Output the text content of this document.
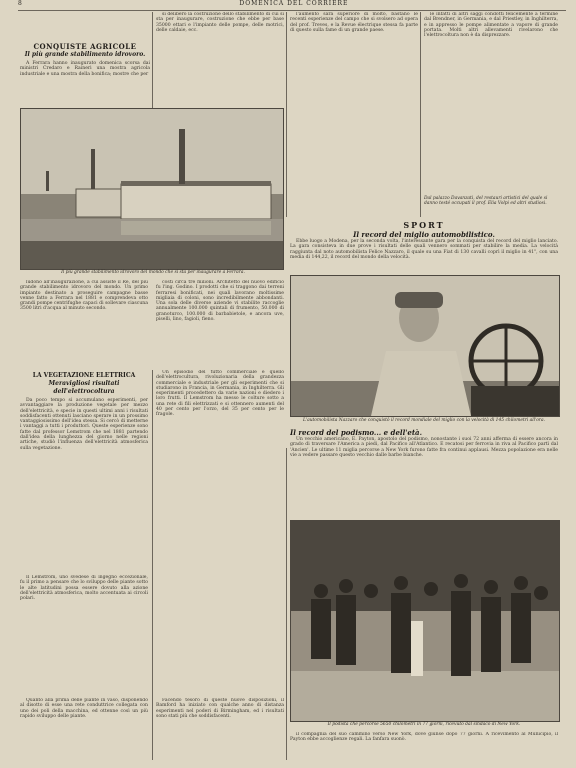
8	DOMENICA DEL CORRIERE
CONQUISTE AGRICOLE
Il più grande stabilimento idrovoro.

A Ferrara hanno inaugurato domenica scorsa dai ministri Credaro e Raineri una mostra agricola industriale e una mostra della bonifica; mostre che per

si deliberò la costruzione dello stabilimento di cui si sta per inaugurare, costruzione che ebbe per base 35000 ettari e l'impianto delle pompe, delle motrici, delle caldaie, ecc.

l'aumento sara superiore di molto, bastano le recenti esperienze del campo che si svolsero ad opera del prof. Treves, e la Revue électrique stessa fa parte di questo sulla fame di un grande paese.

le infatti di altri saggi condotti felicemente a termine dal Brendner, in Germania, e dal Priestley, in Inghilterra, e in appresso le pompe alimentate a vapore di grande portata. Molti altri allevamenti rivelarono che l'elettrocoltura non è da disprezzare.

Il più grande stabilimento idrovoro del mondo che si sta per inaugurare a Ferrara.
Dal palazzo Davanzati, del restauri artistici del quale si danno testé occupati il prof. Elia Volpi ed altri studiosi.
SPORT
Il record del miglio automobilistico.

Ebbe luogo a Modena, per la seconda volta, l'interessante gara per la conquista del record del miglio lanciato. La gara consisteva in due prove i risultati delle quali vennero sommati per stabilire la media. La velocità raggiunta dal noto automobilista Felice Nazzaro, il quale su una Fiat di 130 cavalli coprì il miglio in 41", con una media di 144,22, il record del mondo della velocità.

ludono all'inaugurazione, a cui assiste il Re, del più grande stabilimento idrovoro del mondo. Un primo impianto destinato a proseguire campagne basse venne fatto a Ferrara nel 1881 e comprendeva otto grandi pompe centrifughe capaci di sollevare ciascuna 3500 litri d'acqua al minuto secondo.

costi circa tre milioni. Architetto del nuovo edificio fu l'ing. Godino. I prodotti che si traggono dai terreni ferraresi bonificati, nei quali lavorano moltissime migliaia di coloni, sono incredibilmente abbondanti. Una sola delle diverse aziende vi stabilite raccoglie annualmente 100.000 quintali di frumento, 50.000 di granoturco, 100.000 di barbabietole, e ancora uve, piselli, lino, fagioli, fieno.

L'automobilista Nazzaro che conquistò il record mondiale del miglio con la velocità di 145 chilometri all'ora.
LA VEGETAZIONE ELETTRICA
Meravigliosi risultati dell'elettrocoltura

Da poco tempo si accumulano esperimenti, per avvantaggiare la produzione vegetale per mezzo dell'elettricità, e specie in questi ultimi anni i risultati soddisfacenti ottenuti lasciano sperare in un prossimo vantaggiosissimo dell'idea stessa. Si cercò di metterne i vantaggi a tutti i produttori. Queste esperienze sono fatte dal professor Lemstrom che nel 1881 partendo dall'idea della lunghezza del giorno nelle regioni artiche, studiò l'influenza dell'elettricità atmosferica sulla vegetazione.

Il Lemstrom, uno svedese di ingegno eccezionale, fu il primo a pensare che lo sviluppo delle piante sotto le alte latitudini possa essere dovuto alla azione dell'elettricità atmosferica, molto accentuata ai circoli polari.

Un episodio del tutto commerciale è quello dell'elettrocultura, rivoluzionaria della grandezza commerciale e industriale per gli esperimenti che si studiarono in Francia, in Germania, in Inghilterra. Gli esperimenti procedettero da varie nazioni e diedero i loro frutti. Il Lemstrom ha messo le colture sotto a una rete di fili elettrizzati e si ottennero aumenti del 40 per cento per l'orzo, del 35 per cento per le fragole.

Il record del podismo... e dell'età.

Un vecchio americano, E. Payton, apostolo del podismo, nonostante i suoi 72 anni afferma di essere ancora in grado di traversare l'America a piedi, dal Pacifico all'Atlantico. E recatosi per ferrovia in riva al Pacifico partì dal 'Ancien'. Le ultime 11 miglia percorse a New York furono fatte fra continui applausi. Mezza popolazione era nelle vie a vedere passare questo vecchio dalle barbe bianche.

Il podista che percorse 5650 chilometri in 77 giorni, ricevuto dal sindaco di New York.

Quanto alla prima delle piante in vaso, disponendo al disotto di esse una rete conduttrice collegata con uno dei poli della macchina, ed ottenne così un più rapido sviluppo delle piante.

Facendo tesoro di queste nuove disposizioni, il Bamford ha iniziato con qualche anno di distanza esperimenti nel poderi di Birmingham, ed i risultati sono stati più che soddisfacenti.

il compagnia del suo cammino verso New York, dove giunse dopo 77 giorni. A ricevimento al Municipio, il Payton ebbe accoglienze regali. La fanfara suonò.
